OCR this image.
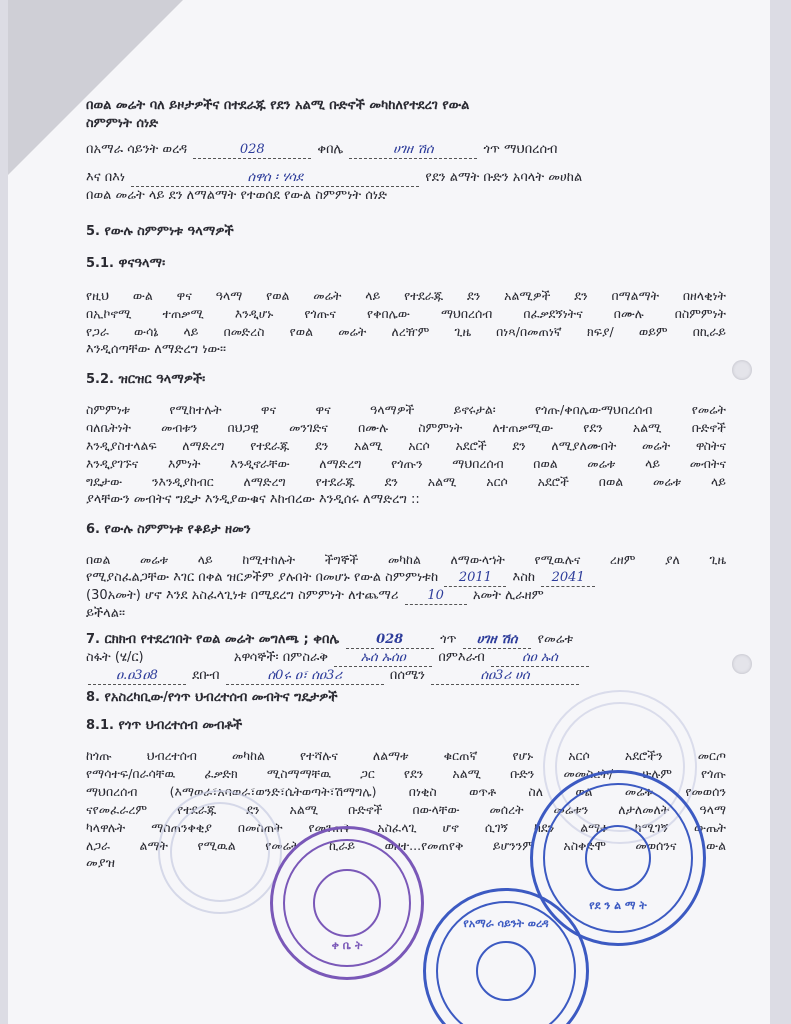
በወል መሬት ባለ ይዞታዎችና በተደራጁ የደን አልሚ ቡድኖች መካከለየተደረገ የውል
ስምምነት ሰነድ
በአማራ ሳይንት ወረዳ	028	ቀበሌ	ሀገዘ ሽሰ	ጎጥ ማህበረሰብ
እና በእነ	ሰዋሰ ፡ ሃሳደ	የደን ልማት ቡድን አባላት መሀከል
በወል መሬት ላይ ደን ለማልማት የተወሰደ የውል ስምምነት ሰነድ
5. የውሉ ስምምነቱ ዓላማዎች
5.1. ዋናዓላማ፡
የዚህ ውል ዋና ዓላማ የወል መሬት ላይ የተደራጁ ደን አልሚዎች ደን በማልማት በዘላቂነት
በኢኮኖሚ ተጠቃሚ እንዲሆኑ የጎጡና የቀበሌው ማህበረሰብ በፈቃደኝነትና በሙሉ በስምምነት
የጋራ ውሳኔ ላይ በመድረስ የወል መሬት ለረዥም ጊዜ በነጻ/በመጠነኛ ክፍያ/ ወይም በኪራይ
እንዲሰጣቸው ለማድረግ ነው፡፡
5.2. ዝርዝር ዓላማዎች፡
ስምምነቱ የሚከተሉት ዋና ዋና ዓላማዎች ይኖሩታል፡ የጎጡ/ቀበሌውማህበረሰብ የመሬት
ባለቤትነት መብቱን በህጋዊ መንገድና በሙሉ ስምምነት ለተጠቃሚው የደን አልሚ ቡድኖች
እንዲያስተላልፍ ለማድረግ የተደራጁ ደን አልሚ አርሶ አደሮች ደን ለሚያለሙበት መሬት ዋስትና
እንዲያገኙና እምነት እንዲኖራቸው ለማድረግ የጎጡን ማህበረሰብ በወል መሬቱ ላይ መብትና
ግዴታው ንእንዲያከብር ለማድረግ የተደራጁ ደን አልሚ አርሶ አደሮች በወል መሬቱ ላይ
ያላቸውን መብትና ግዴታ እንዲያውቁና እከብረው እንዲሰሩ ለማድረግ ::
6. የውሉ ስምምነቱ የቆይታ ዘመን
በወል መሬቱ ላይ ከሚተከሉት ችግኞች መካከል ለማውላኀት የሚዉሉና ረዘም ያለ ጊዜ
የሚያስፈልጋቸው እገር በቀል ዝርዎችም ያሉበት በመሆኑ የውል ስምምነቱከ 2011 እስከ 2041
(30አመት) ሆኖ እንደ አስፈላጊነቱ በሚደረግ ስምምነት ለተጨማሪ 10 አመት ሊራዘም
ይችላል፡፡
7. ርክክብ የተደረገበት የወል መሬት መግለጫ ; ቀበሌ	028	ጎጥ ሀገዘ ሽሰ የመሬቱ
ስፋት (ሄ/ር)	አዋሳኞች፡ በምስራቅ	ኡሰ ኡሰዐ	በምእራብ	ሰዐ ኡሰ
ዐ.ዐ3ዐ8	ደቡብ	ሰ0ሩ ዐ፣ ሰዐ3ሪ	በሰሜን	ሰዐ3ሪ ሀሰ
8. የአስረካቢው/የጎጥ ህብረተሰብ መብትና ግዴታዎች
8.1. የጎጥ ህብረተሰብ መብቶች
ከጎጡ ህብረተሰብ መካከል የተሻሉና ለልማቱ ቁርጠኛ የሆኑ አርሶ አደሮችን መርጦ
የማሳተፍ/በራሳቸዉ ፈቃድክ ሚስማማቸዉ ጋር የደን አልሚ ቡድን መመስረት/ ሁሉም የጎጡ
ማህበረሰብ (እማወራ፣አባወራ፣ወንድ፣ሴትወጣት፣ሽማግሌ) በነቂስ ወጥቶ ስለ ወል መሬቱ የመወሰን
ናየመፈራረም የተደራጁ ደን አልሚ ቡድኖች በውላቸው መሰረት መሬቱን ለታለመለት ዓላማ
ካላዋሉት ማስጠንቀቂያ በመስጠት የመንጠቅ አስፈላጊ ሆኖ ሲገኝ ከደን ልማቱ ከሚገኝ ውጤት
ለጋራ ልማት የሚዉል የመሬት ኪራይ ወዘተ...የመጠየቅ ይሆንንም አስቀድሞ መወሰንና ውል
መያዝ
ቀ ቤ ት
የደ ን ል ማ ት
የአማራ ሳይንት ወረዳ
